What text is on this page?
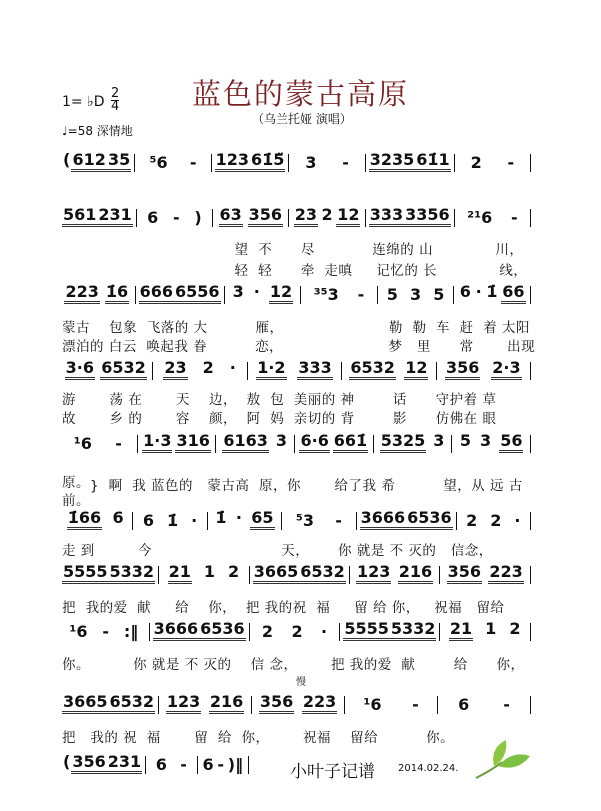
蓝色的蒙古高原
（乌兰托娅 演唱）
1= ♭D
2
4
♩=58 深情地
( 612 35 ⁵6 - 123 61̇5̈ 3 - 3235 61̇1 2 -
561 231 6 - ) 63 356 23 2 12 333 3356 ²¹6 -
望  不      尽            连绵的 山             川，
轻  轻      牵  走嗔     记忆的 长             线，
223 1̇6 666 6556 3 · 12 ³⁵3 - 5 3 5 6 · 1̇ 66
蒙古    包象  飞落的 大          雁，                      勒  勒  车  赶  着 太阳
漂泊的 白云  唤起我 眷          恋，                      梦   里      常       出现
3·6 6532 23 2 · 1·2 333 6532 12 356 2·3
游       荡 在       天    边，  敖  包  美丽的 神        话      守护着 草
故       乡 的       容    颜，  阿  妈  亲切的 背        影      仿佛在 眼
¹6 - 1·3 316 6163 3 6·6 661̇ 5325 3 5 3 56
原。
前。
}  啊  我 蓝色的   蒙古高  原，你       给了我 希          望，从 远 古
1̇66 6 6 1̇ · 1̇ · 65 ⁵3 - 3666 6536 2 2 ·
走 到         今                           天，      你 就是 不 灭的   信念，
5555 5332 21 1 2 3665 6532 123 216 356 223
把  我的爱  献     给    你，  把 我的祝  福     留 给 你，   祝福   留给
¹6 - :‖ 3666 6536 2 2 · 5555 5332 21 1 2
你。         你 就是 不 灭的    信 念，       把 我的爱  献        给      你，
慢
3665 6532 123 216 356 223 ¹6 - 6 -
把   我的 祝  福       留  给  你，       祝福    留给          你。
( 356 231 6 - 6 - )‖	小叶子记谱 2014.02.24.
